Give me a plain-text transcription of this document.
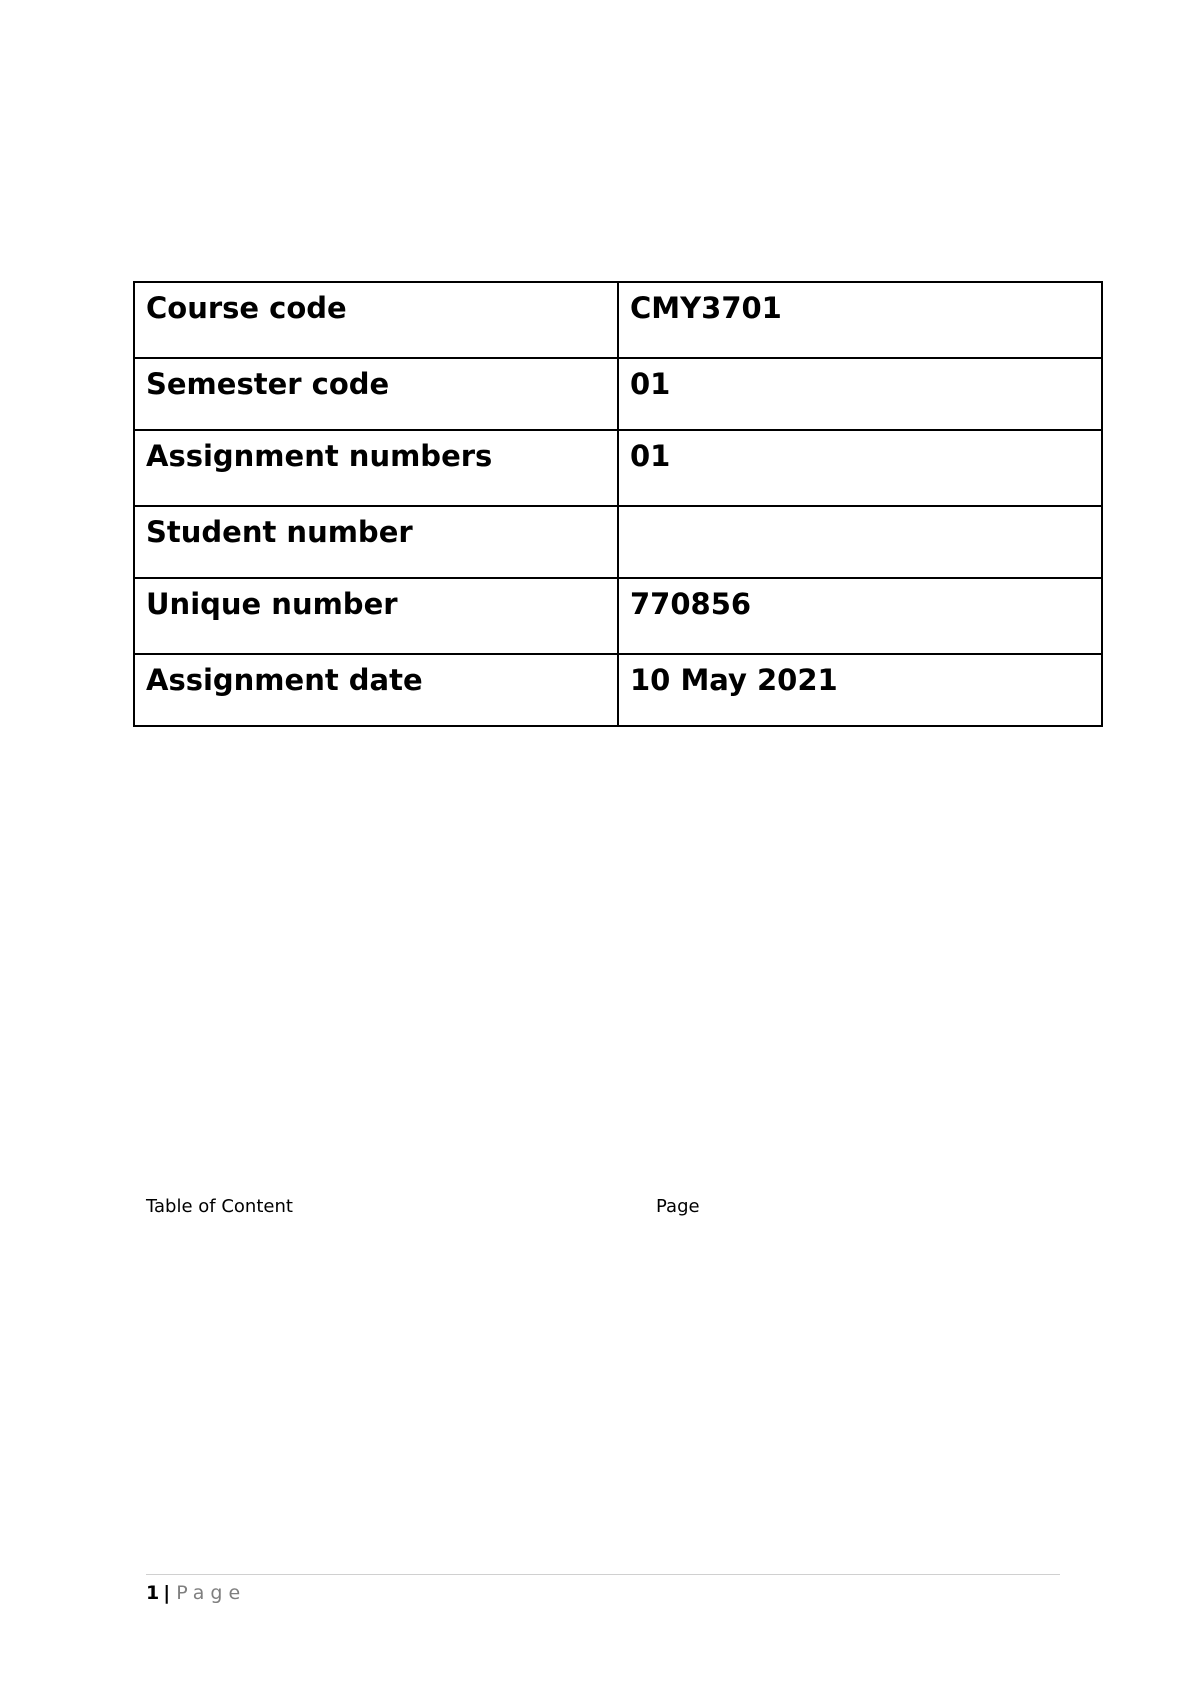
Course code	CMY3701
Semester code	01
Assignment numbers	01
Student number	
Unique number	770856
Assignment date	10 May 2021
Table of Content	Page
1 | Page
